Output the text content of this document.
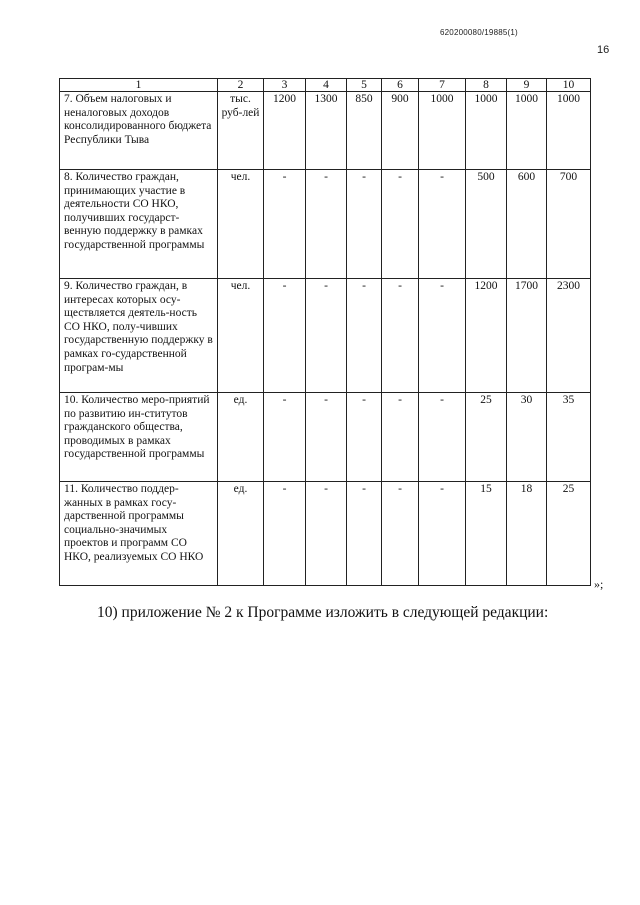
620200080/19885(1)
16
1	2	3	4	5	6	7	8	9	10
7. Объем налоговых и неналоговых доходов консолидированного бюджета Республики Тыва	тыс. руб-лей	1200	1300	850	900	1000	1000	1000	1000
8. Количество граждан, принимающих участие в деятельности СО НКО, получивших государст-венную поддержку в рамках государственной программы	чел.	-	-	-	-	-	500	600	700
9. Количество граждан, в интересах которых осу-ществляется деятель-ность СО НКО, полу-чивших государственную поддержку в рамках го-сударственной програм-мы	чел.	-	-	-	-	-	1200	1700	2300
10. Количество меро-приятий по развитию ин-ститутов гражданского общества, проводимых в рамках государственной программы	ед.	-	-	-	-	-	25	30	35
11. Количество поддер-жанных в рамках госу-дарственной программы социально-значимых проектов и программ СО НКО, реализуемых СО НКО	ед.	-	-	-	-	-	15	18	25
»;
10) приложение № 2 к Программе изложить в следующей редакции:
